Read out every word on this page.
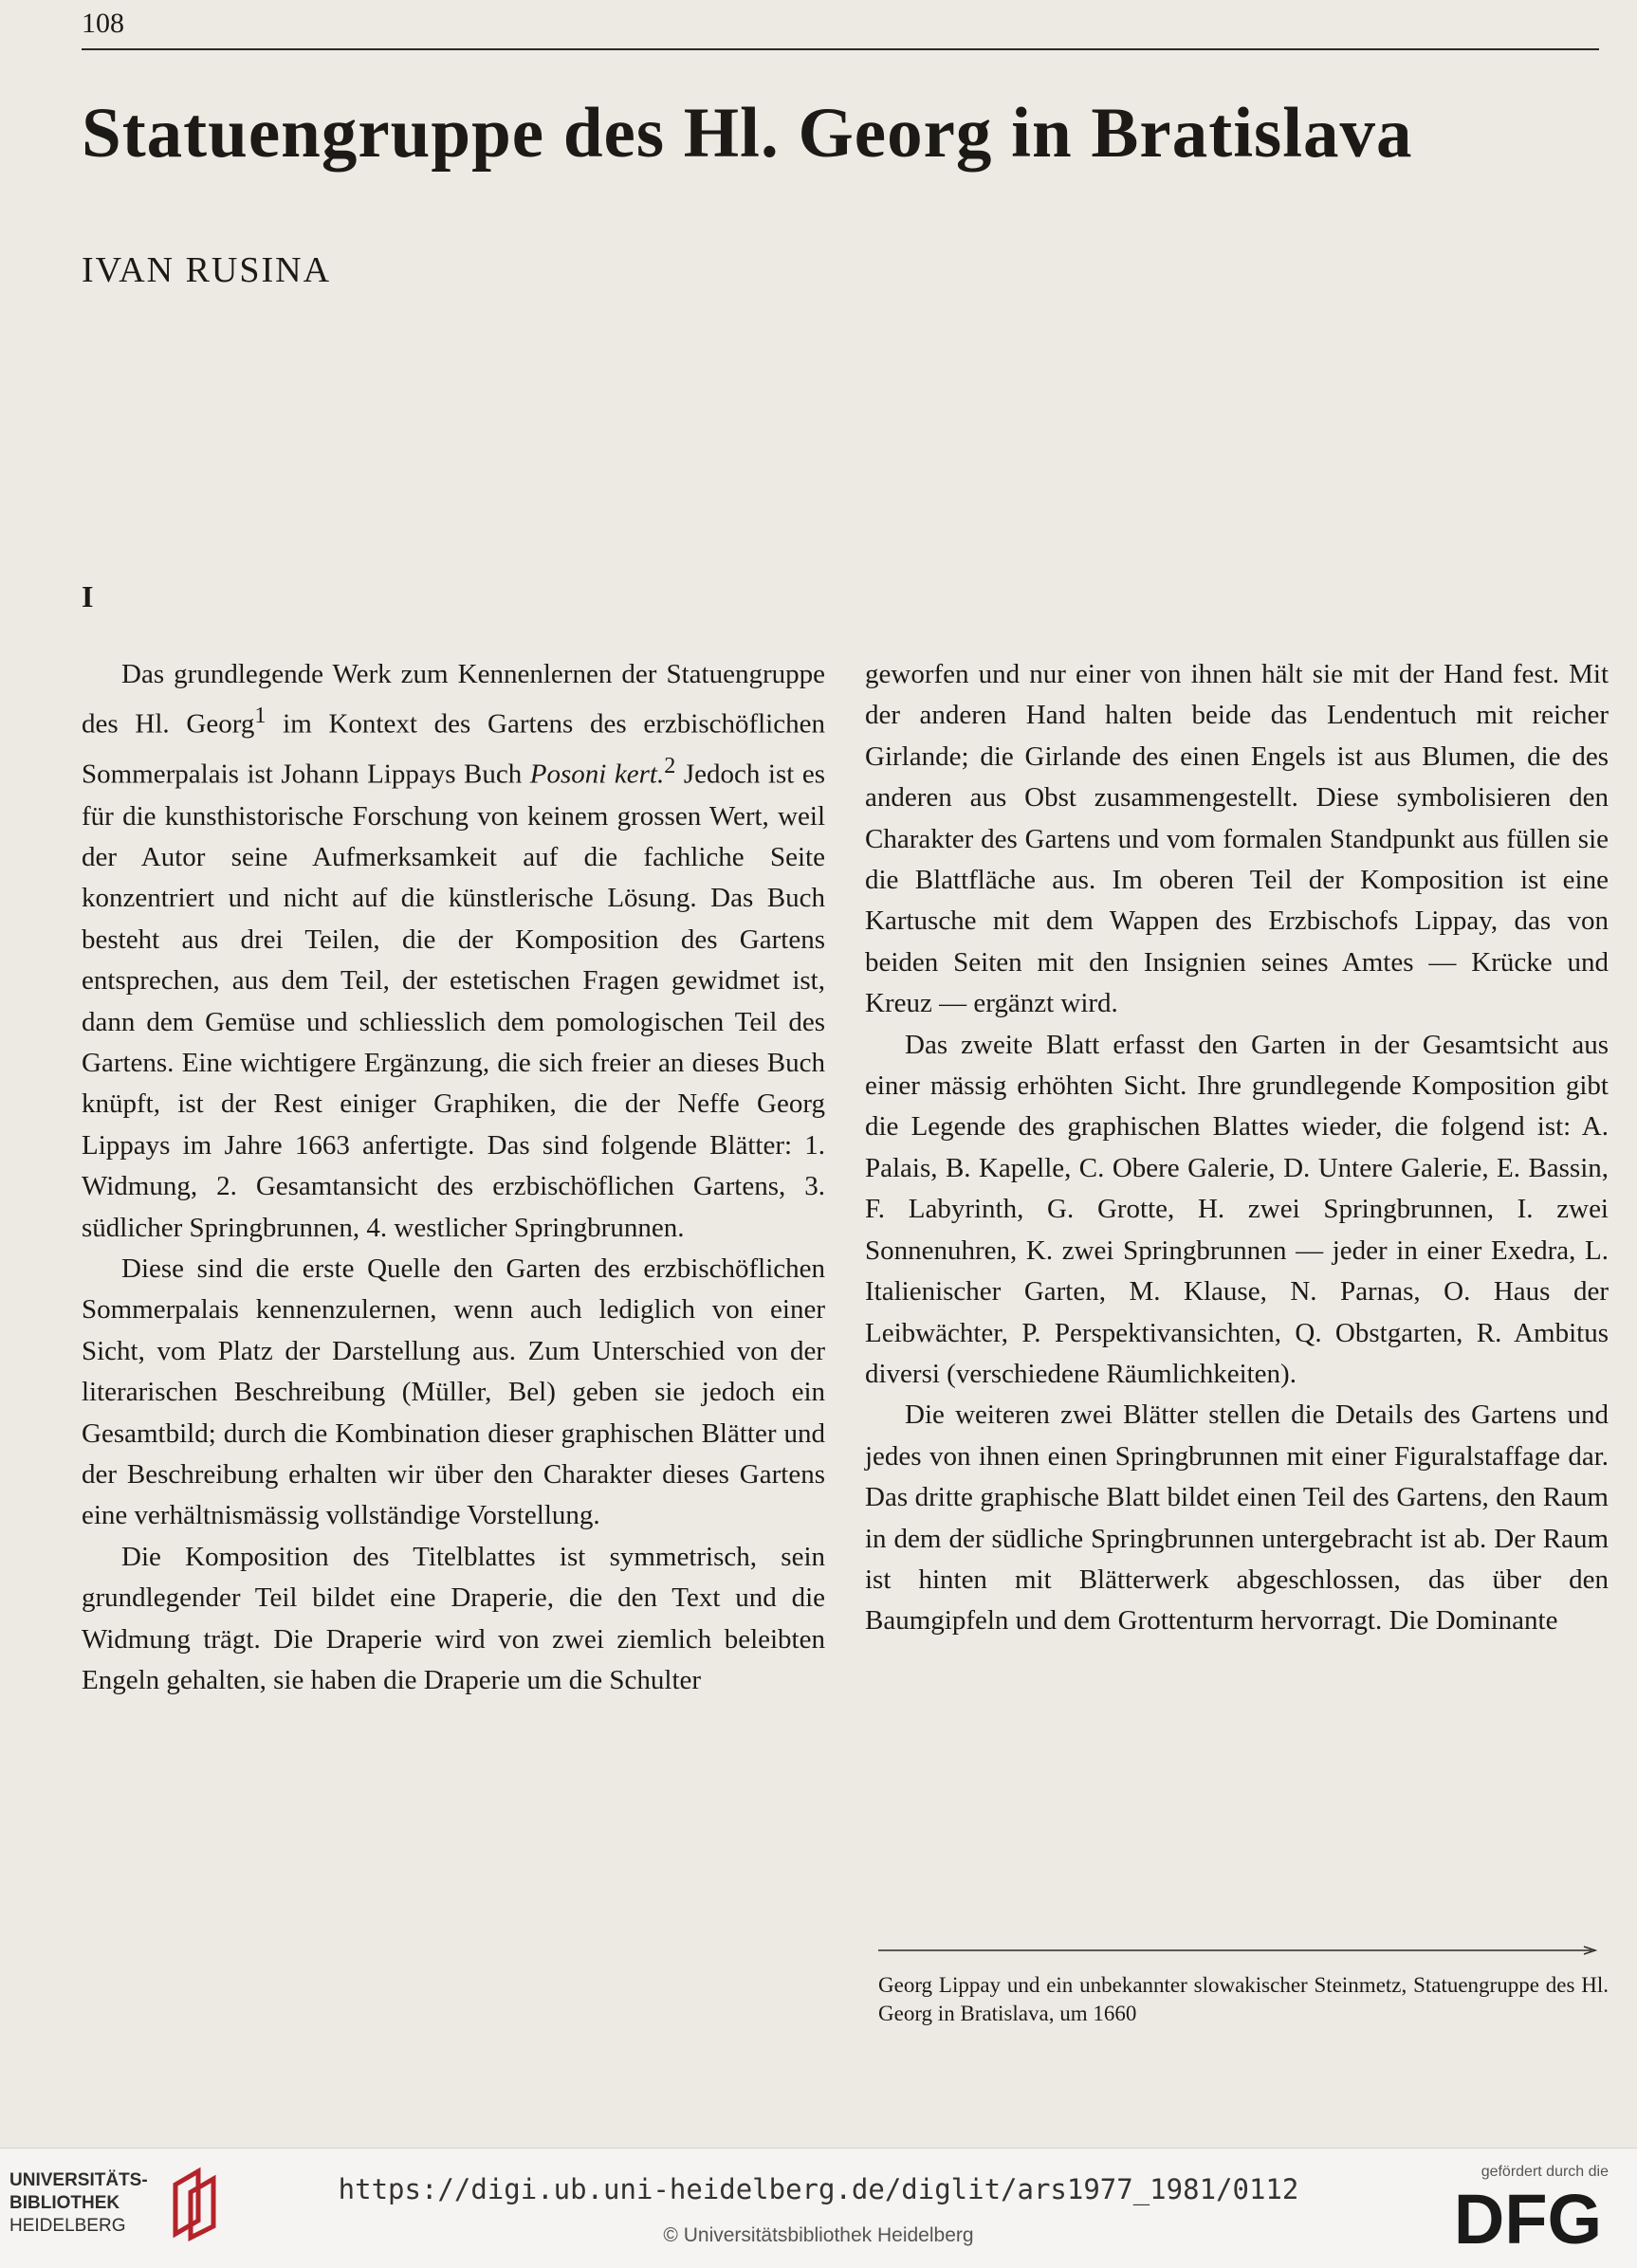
108
Statuengruppe des Hl. Georg in Bratislava

IVAN RUSINA

I

Das grundlegende Werk zum Kennenlernen der Statuengruppe des Hl. Georg$^1$ im Kontext des Gartens des erzbischöflichen Sommerpalais ist Johann Lippays Buch Posoni kert.$^2$ Jedoch ist es für die kunsthistorische Forschung von keinem grossen Wert, weil der Autor seine Aufmerksamkeit auf die fachliche Seite konzentriert und nicht auf die künstlerische Lösung. Das Buch besteht aus drei Teilen, die der Komposition des Gartens entsprechen, aus dem Teil, der estetischen Fragen gewidmet ist, dann dem Gemüse und schliesslich dem pomologischen Teil des Gartens. Eine wichtigere Ergänzung, die sich freier an dieses Buch knüpft, ist der Rest einiger Graphiken, die der Neffe Georg Lippays im Jahre 1663 anfertigte. Das sind folgende Blätter: 1. Widmung, 2. Gesamtansicht des erzbischöflichen Gartens, 3. südlicher Springbrunnen, 4. westlicher Springbrunnen.

Diese sind die erste Quelle den Garten des erzbischöflichen Sommerpalais kennenzulernen, wenn auch lediglich von einer Sicht, vom Platz der Darstellung aus. Zum Unterschied von der literarischen Beschreibung (Müller, Bel) geben sie jedoch ein Gesamtbild; durch die Kombination dieser graphischen Blätter und der Beschreibung erhalten wir über den Charakter dieses Gartens eine verhältnismässig vollständige Vorstellung.

Die Komposition des Titelblattes ist symmetrisch, sein grundlegender Teil bildet eine Draperie, die den Text und die Widmung trägt. Die Draperie wird von zwei ziemlich beleibten Engeln gehalten, sie haben die Draperie um die Schulter

geworfen und nur einer von ihnen hält sie mit der Hand fest. Mit der anderen Hand halten beide das Lendentuch mit reicher Girlande; die Girlande des einen Engels ist aus Blumen, die des anderen aus Obst zusammengestellt. Diese symbolisieren den Charakter des Gartens und vom formalen Standpunkt aus füllen sie die Blattfläche aus. Im oberen Teil der Komposition ist eine Kartusche mit dem Wappen des Erzbischofs Lippay, das von beiden Seiten mit den Insignien seines Amtes — Krücke und Kreuz — ergänzt wird.

Das zweite Blatt erfasst den Garten in der Gesamtsicht aus einer mässig erhöhten Sicht. Ihre grundlegende Komposition gibt die Legende des graphischen Blattes wieder, die folgend ist: A. Palais, B. Kapelle, C. Obere Galerie, D. Untere Galerie, E. Bassin, F. Labyrinth, G. Grotte, H. zwei Springbrunnen, I. zwei Sonnenuhren, K. zwei Springbrunnen — jeder in einer Exedra, L. Italienischer Garten, M. Klause, N. Parnas, O. Haus der Leibwächter, P. Perspektivansichten, Q. Obstgarten, R. Ambitus diversi (verschiedene Räumlichkeiten).

Die weiteren zwei Blätter stellen die Details des Gartens und jedes von ihnen einen Springbrunnen mit einer Figuralstaffage dar. Das dritte graphische Blatt bildet einen Teil des Gartens, den Raum in dem der südliche Springbrunnen untergebracht ist ab. Der Raum ist hinten mit Blätterwerk abgeschlossen, das über den Baumgipfeln und dem Grottenturm hervorragt. Die Dominante

Georg Lippay und ein unbekannter slowakischer Steinmetz, Statuengruppe des Hl. Georg in Bratislava, um 1660

UNIVERSITÄTS-
BIBLIOTHEK
HEIDELBERG
https://digi.ub.uni-heidelberg.de/diglit/ars1977_1981/0112
© Universitätsbibliothek Heidelberg
gefördert durch die
DFG
